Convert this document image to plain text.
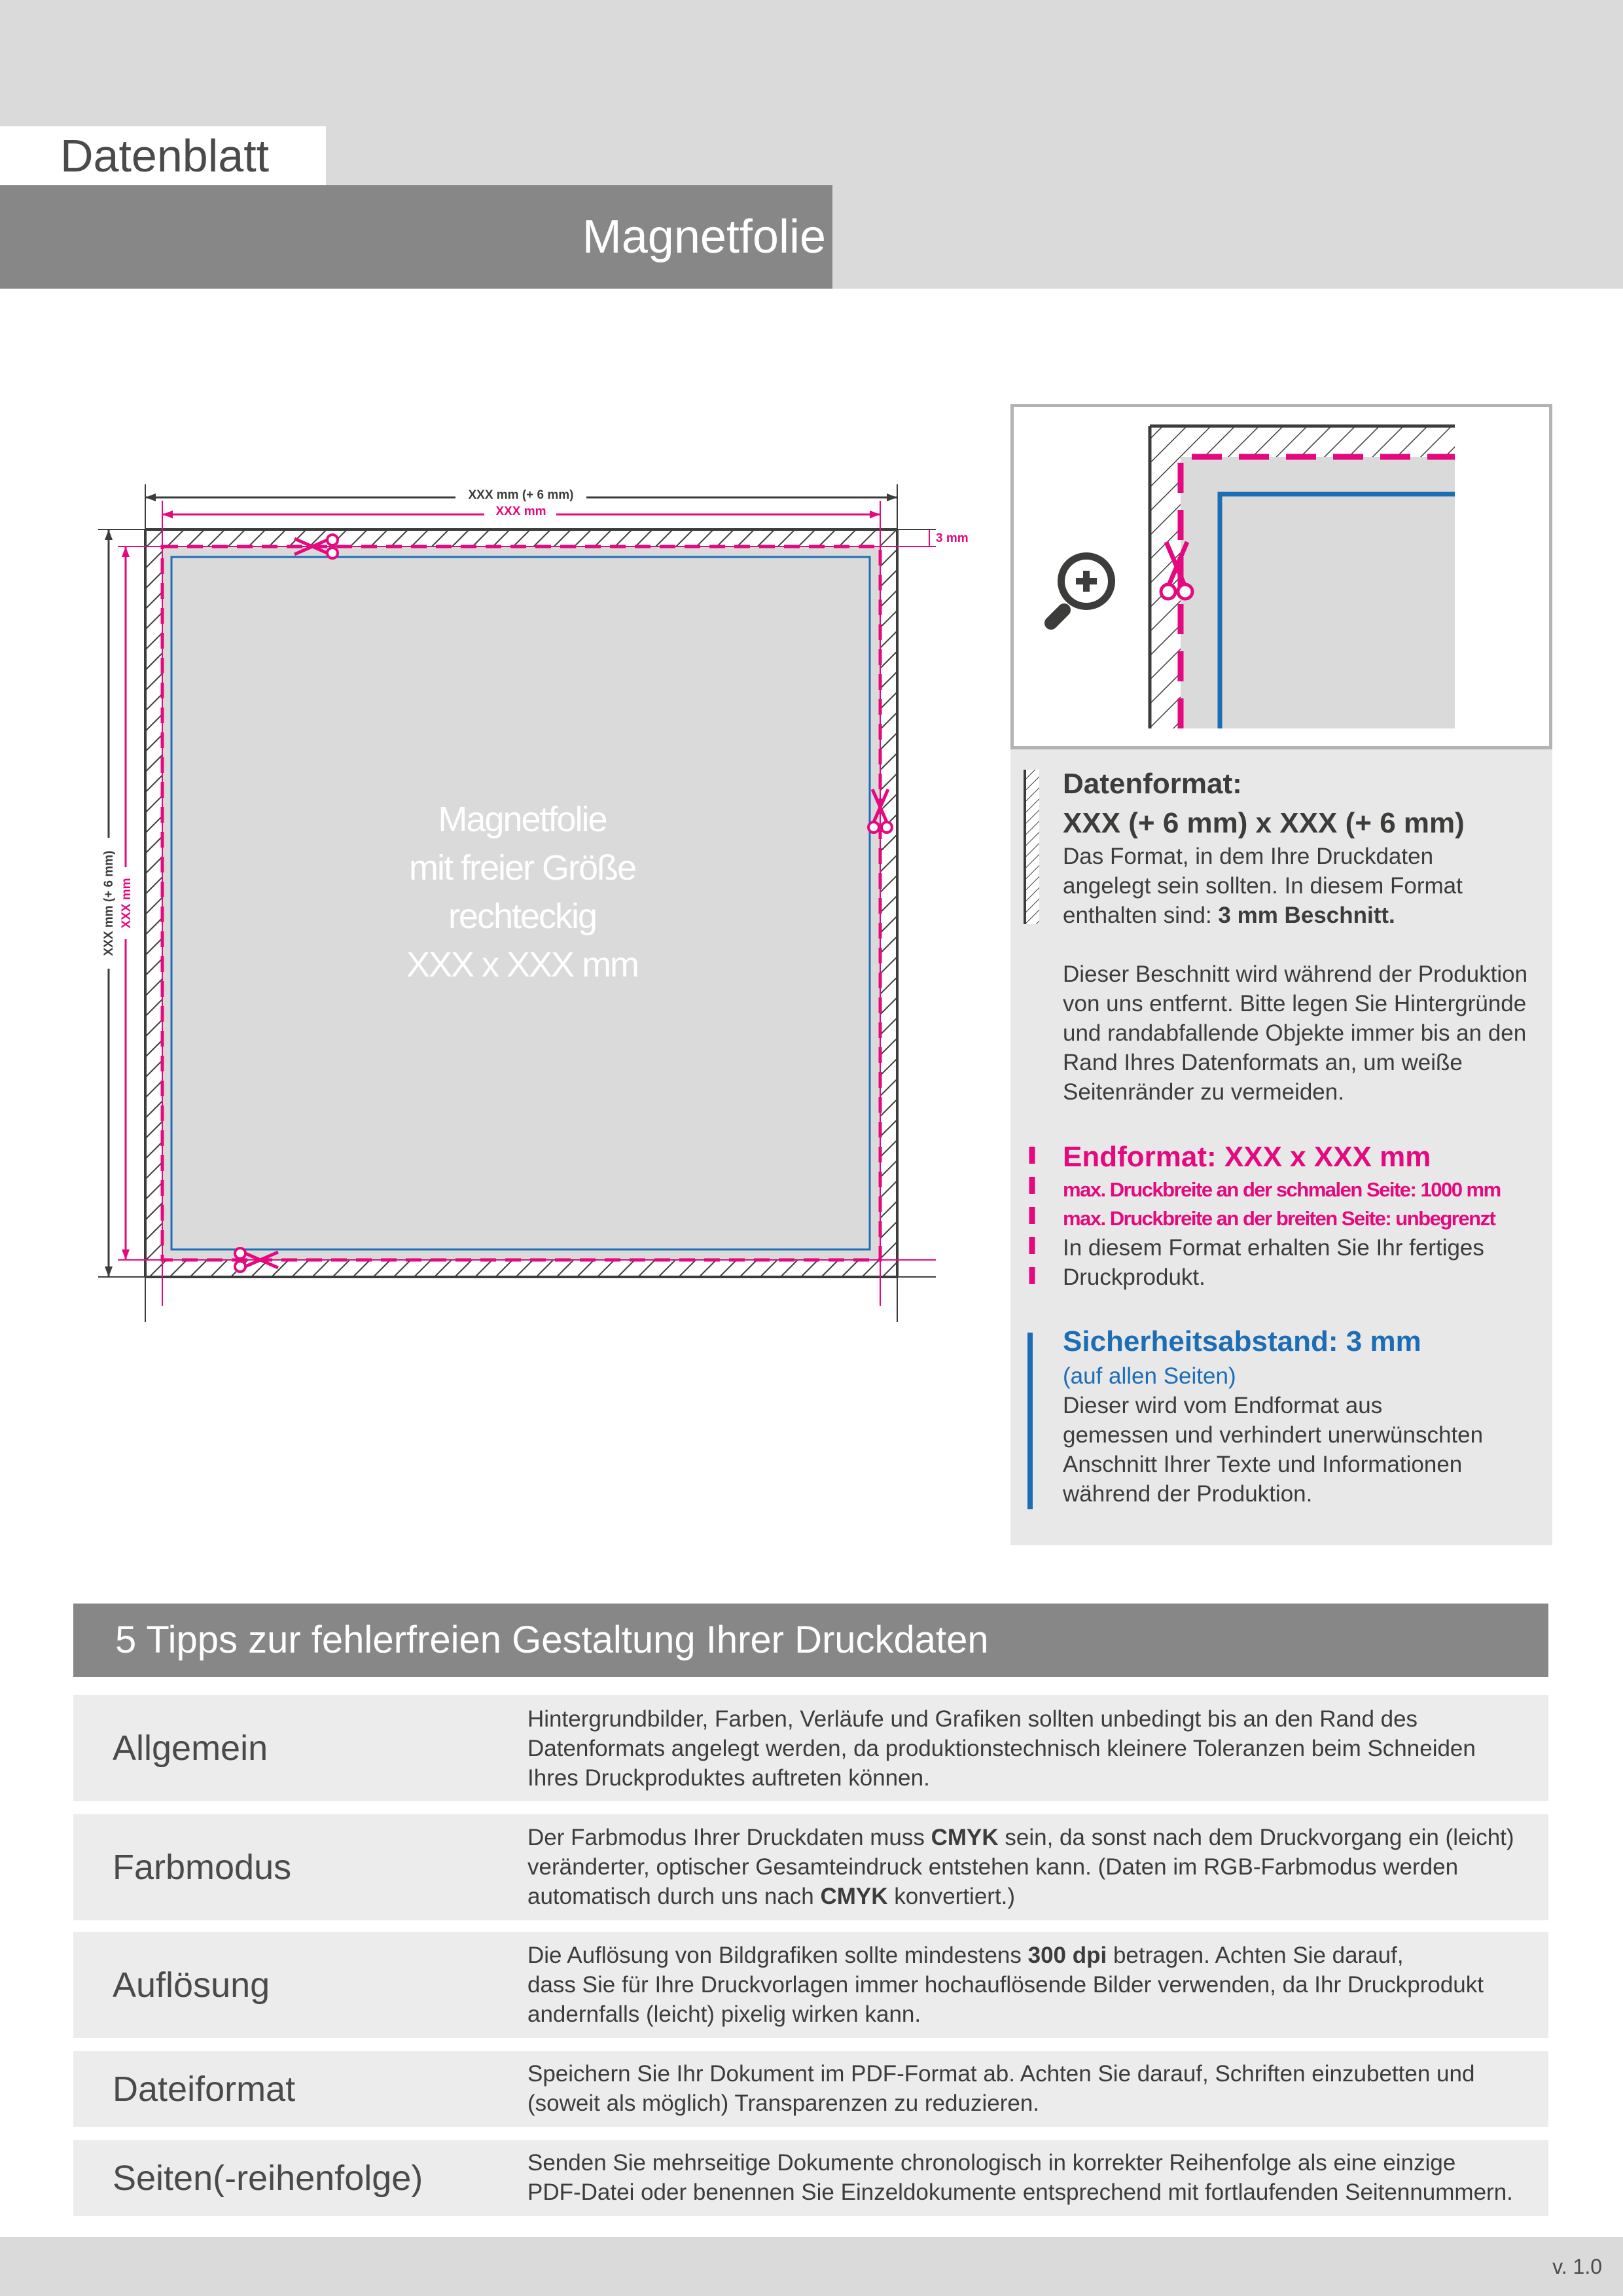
Datenblatt
Magnetfolie
XXX mm (+ 6 mm)
XXX mm
3 mm
XXX mm (+ 6 mm) XXX mm
Magnetfolie
mit freier Größe
rechteckig
XXX x XXX mm
Datenformat:
XXX (+ 6 mm) x XXX (+ 6 mm)
Das Format, in dem Ihre Druckdaten
angelegt sein sollten. In diesem Format
enthalten sind: 3 mm Beschnitt.
Dieser Beschnitt wird während der Produktion
von uns entfernt. Bitte legen Sie Hintergründe
und randabfallende Objekte immer bis an den
Rand Ihres Datenformats an, um weiße
Seitenränder zu vermeiden.
Endformat: XXX x XXX mm
max. Druckbreite an der schmalen Seite: 1000 mm
max. Druckbreite an der breiten Seite: unbegrenzt
In diesem Format erhalten Sie Ihr fertiges
Druckprodukt.
Sicherheitsabstand: 3 mm
(auf allen Seiten)
Dieser wird vom Endformat aus
gemessen und verhindert unerwünschten
Anschnitt Ihrer Texte und Informationen
während der Produktion.
5 Tipps zur fehlerfreien Gestaltung Ihrer Druckdaten
Allgemein
Hintergrundbilder, Farben, Verläufe und Grafiken sollten unbedingt bis an den Rand des
Datenformats angelegt werden, da produktionstechnisch kleinere Toleranzen beim Schneiden
Ihres Druckproduktes auftreten können.
Farbmodus
Der Farbmodus Ihrer Druckdaten muss CMYK sein, da sonst nach dem Druckvorgang ein (leicht)
veränderter, optischer Gesamteindruck entstehen kann. (Daten im RGB-Farbmodus werden
automatisch durch uns nach CMYK konvertiert.)
Auflösung
Die Auflösung von Bildgrafiken sollte mindestens 300 dpi betragen. Achten Sie darauf,
dass Sie für Ihre Druckvorlagen immer hochauflösende Bilder verwenden, da Ihr Druckprodukt
andernfalls (leicht) pixelig wirken kann.
Dateiformat	Speichern Sie Ihr Dokument im PDF-Format ab. Achten Sie darauf, Schriften einzubetten und
(soweit als möglich) Transparenzen zu reduzieren.
Seiten(-reihenfolge)	Senden Sie mehrseitige Dokumente chronologisch in korrekter Reihenfolge als eine einzige
PDF-Datei oder benennen Sie Einzeldokumente entsprechend mit fortlaufenden Seitennummern.
v. 1.0
